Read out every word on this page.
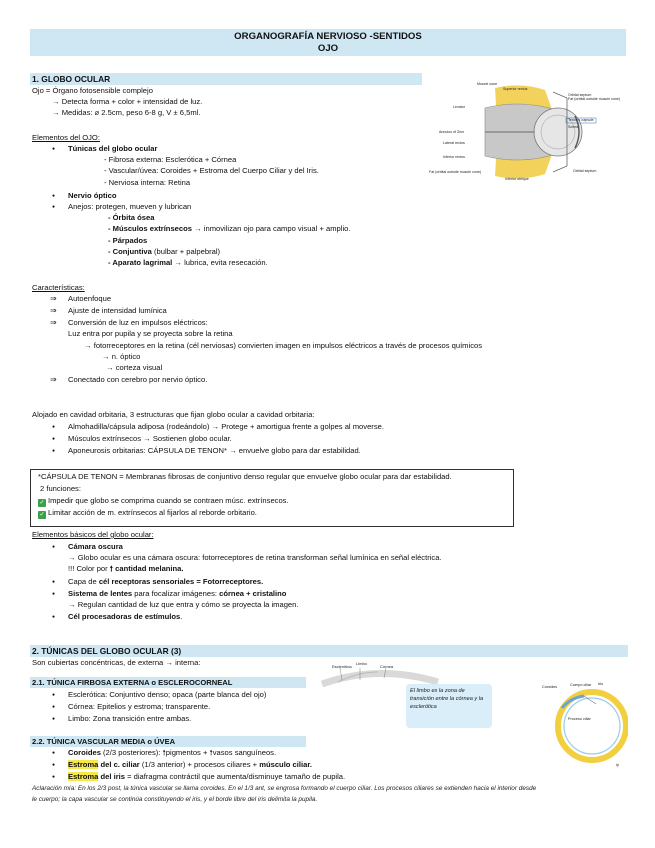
ORGANOGRAFÍA NERVIOSO -SENTIDOS
OJO
1. GLOBO OCULAR
Ojo = Órgano fotosensible complejo
→ Detecta forma + color + intensidad de luz.
→ Medidas: ⌀ 2.5cm, peso 6-8 g, V ± 6,5ml.
Elementos del OJO:
● Túnicas del globo ocular
- Fibrosa externa: Esclerótica + Córnea
- Vascular/úvea: Coroides + Estroma del Cuerpo Ciliar y del Iris.
- Nerviosa interna: Retina
● Nervio óptico
● Anejos: protegen, mueven y lubrican
- Órbita ósea
- Músculos extrínsecos → inmovilizan ojo para campo visual + amplio.
- Párpados
- Conjuntiva (bulbar + palpebral)
- Aparato lagrimal → lubrica, evita resecación.
Características:
⇒ Autoenfoque
⇒ Ajuste de intensidad lumínica
⇒ Conversión de luz en impulsos eléctricos:
Luz entra por pupila y se proyecta sobre la retina
→ fotorreceptores en la retina (cél nerviosas) convierten imagen en impulsos eléctricos a través de procesos químicos
→ n. óptico
→ corteza visual
⇒ Conectado con cerebro por nervio óptico.
Alojado en cavidad orbitaria, 3 estructuras que fijan globo ocular a cavidad orbitaria:
● Almohadilla/cápsula adiposa (rodeándolo) → Protege + amortigua frente a golpes al moverse.
● Músculos extrínsecos → Sostienen globo ocular.
● Aponeurosis orbitarias: CÁPSULA DE TENON* → envuelve globo para dar estabilidad.
*CÁPSULA DE TENON = Membranas fibrosas de conjuntivo denso regular que envuelve globo ocular para dar estabilidad.
2 funciones:
✓ Impedir que globo se comprima cuando se contraen músc. extrínsecos.
✓ Limitar acción de m. extrínsecos al fijarlos al reborde orbitario.
Elementos básicos del globo ocular:
● Cámara oscura
→ Globo ocular es una cámara oscura: fotorreceptores de retina transforman señal lumínica en señal eléctrica.
!!! Color por 🠕 cantidad melanina.
● Capa de cél receptoras sensoriales = Fotorreceptores.
● Sistema de lentes para focalizar imágenes: córnea + cristalino
→ Regulan cantidad de luz que entra y cómo se proyecta la imagen.
● Cél procesadoras de estímulos.
2. TÚNICAS DEL GLOBO OCULAR (3)
Son cubiertas concéntricas, de externa → interna:
2.1. TÚNICA FIRBOSA EXTERNA o ESCLEROCORNEAL
● Esclerótica: Conjuntivo denso; opaca (parte blanca del ojo)
● Córnea: Epitelios y estroma; transparente.
● Limbo: Zona transición entre ambas.
2.2. TÚNICA VASCULAR MEDIA o ÚVEA
● Coroides (2/3 posteriores): 🠕pigmentos + 🠕vasos sanguíneos.
● Estroma del c. ciliar (1/3 anterior) + procesos ciliares + músculo ciliar.
● Estroma del iris = diafragma contráctil que aumenta/disminuye tamaño de pupila.
Aclaración mía: En los 2/3 post, la túnica vascular se llama coroides. En el 1/3 ant, se engrosa formando el cuerpo ciliar. Los procesos ciliares se extienden hacia el interior desde
le cuerpo; la capa vascular se continúa constituyendo el iris, y el borde libre del iris delimita la pupila.
Muscle cone
Superior rectus
Levator
Orbital septum
Tenon's capsule
Sclera
Fat (orbital outside muscle cone)
Annulus of Zinn
Lateral rectus
Inferior rectus
Fat (orbital outside muscle cone)
Inferior oblique
Orbital septum
Limbo
Esclerótica	Córnea
El limbo es la zona de transición entre la córnea y la esclerótica
Cuerpo ciliar
Coroides
Iris
Proceso ciliar
Ip
